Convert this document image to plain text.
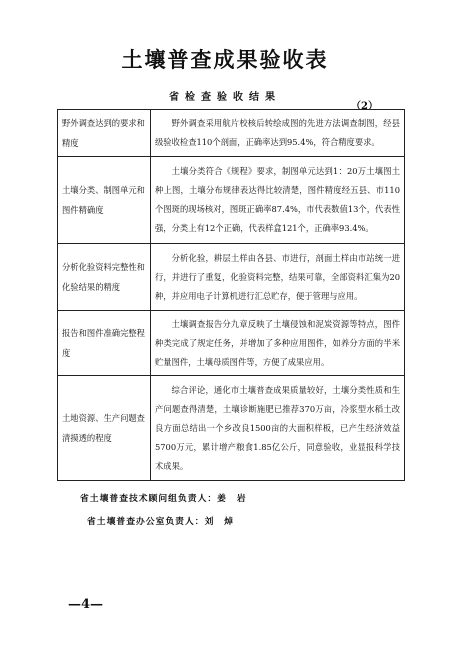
土壤普查成果验收表
省检查验收结果
（2）
野外调查达到的要求和精度	野外调查采用航片校核后转绘成图的先进方法调查制图，经县级验收检查110个剖面，正确率达到95.4%，符合精度要求。
土壤分类、制图单元和图件精确度	土壤分类符合《规程》要求，制图单元达到1：20万土壤图土种上图，土壤分布规律表达得比较清楚，图件精度经五县、市110个图斑的现场核对，图斑正确率87.4%，市代表数值13个，代表性强，分类上有12个正确，代表样盒121个，正确率93.4%。
分析化验资料完整性和化验结果的精度	分析化验，耕层土样由各县、市进行，剖面土样由市站统一进行，并进行了重复，化验资料完整，结果可靠，全部资料汇集为20种，并应用电子计算机进行汇总贮存，便于管理与应用。
报告和图件准确完整程度	土壤调查报告分九章反映了土壤侵蚀和泥炭资源等特点，图件种类完成了规定任务，并增加了多种应用图件，如养分方面的半米贮量图件，土壤母质图件等，方便了成果应用。
土地资源、生产问题查清摸透的程度	综合评论，通化市土壤普查成果质量较好，土壤分类性质和生产问题查得清楚，土壤诊断施肥已推荐370万亩，冷浆型水稻土改良方面总结出一个乡改良1500亩的大面积样板，已产生经济效益5700万元，累计增产粮食1.85亿公斤，同意验收，业显报科学技术成果。
省土壤普查技术顾问组负责人：姜　岩
省土壤普查办公室负责人：刘　焯
—4—
